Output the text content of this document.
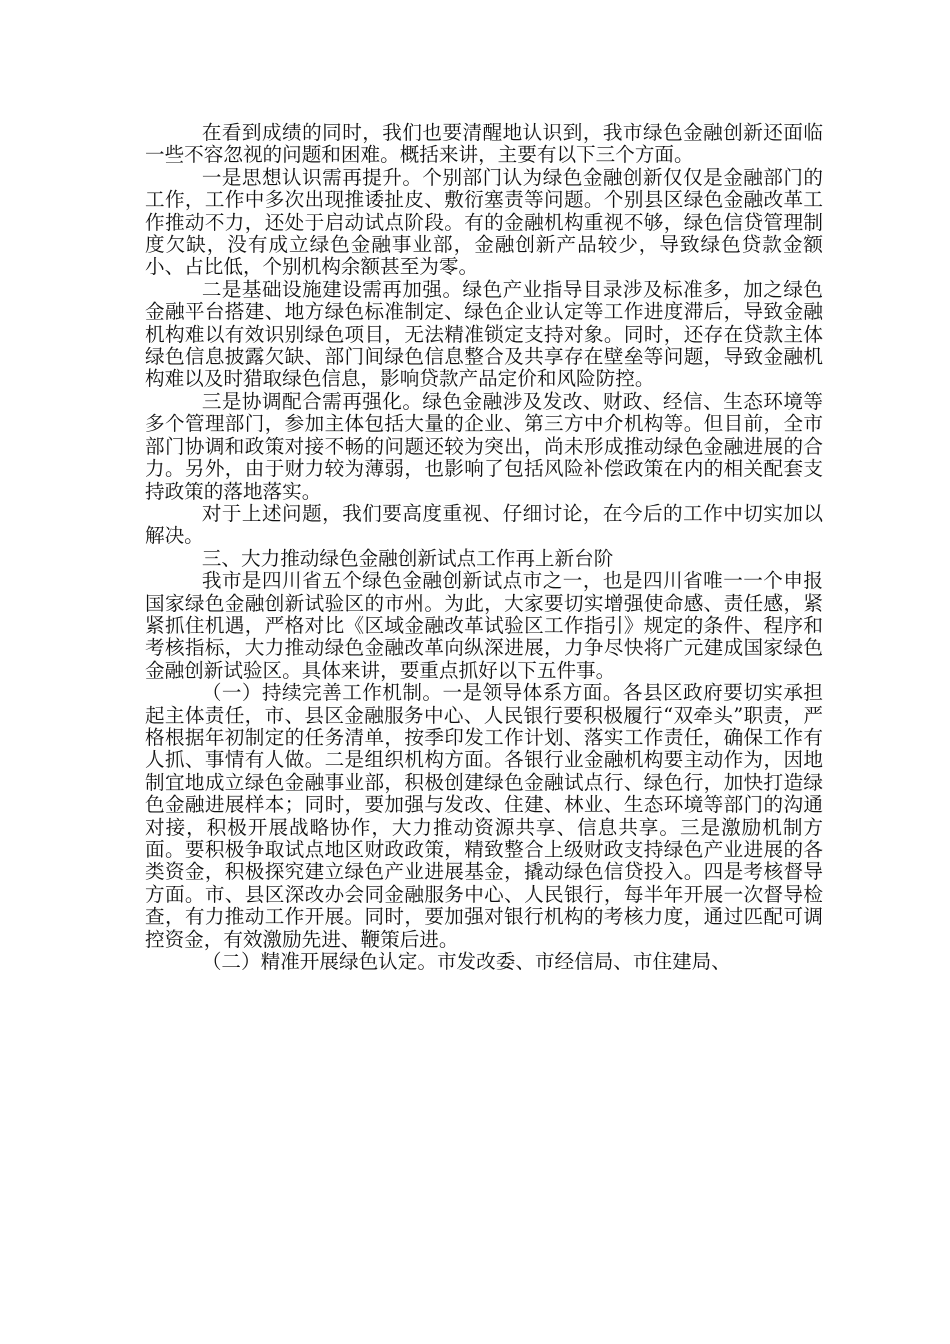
在看到成绩的同时，我们也要清醒地认识到，我市绿色金融创新还面临一些不容忽视的问题和困难。概括来讲，主要有以下三个方面。

一是思想认识需再提升。个别部门认为绿色金融创新仅仅是金融部门的工作，工作中多次出现推诿扯皮、敷衍塞责等问题。个别县区绿色金融改革工作推动不力，还处于启动试点阶段。有的金融机构重视不够，绿色信贷管理制度欠缺，没有成立绿色金融事业部，金融创新产品较少，导致绿色贷款金额小、占比低，个别机构余额甚至为零。

二是基础设施建设需再加强。绿色产业指导目录涉及标准多，加之绿色金融平台搭建、地方绿色标准制定、绿色企业认定等工作进度滞后，导致金融机构难以有效识别绿色项目，无法精准锁定支持对象。同时，还存在贷款主体绿色信息披露欠缺、部门间绿色信息整合及共享存在壁垒等问题，导致金融机构难以及时猎取绿色信息，影响贷款产品定价和风险防控。

三是协调配合需再强化。绿色金融涉及发改、财政、经信、生态环境等多个管理部门，参加主体包括大量的企业、第三方中介机构等。但目前，全市部门协调和政策对接不畅的问题还较为突出，尚未形成推动绿色金融进展的合力。另外，由于财力较为薄弱，也影响了包括风险补偿政策在内的相关配套支持政策的落地落实。

对于上述问题，我们要高度重视、仔细讨论，在今后的工作中切实加以解决。

三、大力推动绿色金融创新试点工作再上新台阶

我市是四川省五个绿色金融创新试点市之一，也是四川省唯一一个申报国家绿色金融创新试验区的市州。为此，大家要切实增强使命感、责任感，紧紧抓住机遇，严格对比《区域金融改革试验区工作指引》规定的条件、程序和考核指标，大力推动绿色金融改革向纵深进展，力争尽快将广元建成国家绿色金融创新试验区。具体来讲，要重点抓好以下五件事。

（一）持续完善工作机制。一是领导体系方面。各县区政府要切实承担起主体责任，市、县区金融服务中心、人民银行要积极履行“双牵头”职责，严格根据年初制定的任务清单，按季印发工作计划、落实工作责任，确保工作有人抓、事情有人做。二是组织机构方面。各银行业金融机构要主动作为，因地制宜地成立绿色金融事业部，积极创建绿色金融试点行、绿色行，加快打造绿色金融进展样本；同时，要加强与发改、住建、林业、生态环境等部门的沟通对接，积极开展战略协作，大力推动资源共享、信息共享。三是激励机制方面。要积极争取试点地区财政政策，精致整合上级财政支持绿色产业进展的各类资金，积极探究建立绿色产业进展基金，撬动绿色信贷投入。四是考核督导方面。市、县区深改办会同金融服务中心、人民银行，每半年开展一次督导检查，有力推动工作开展。同时，要加强对银行机构的考核力度，通过匹配可调控资金，有效激励先进、鞭策后进。

（二）精准开展绿色认定。市发改委、市经信局、市住建局、
